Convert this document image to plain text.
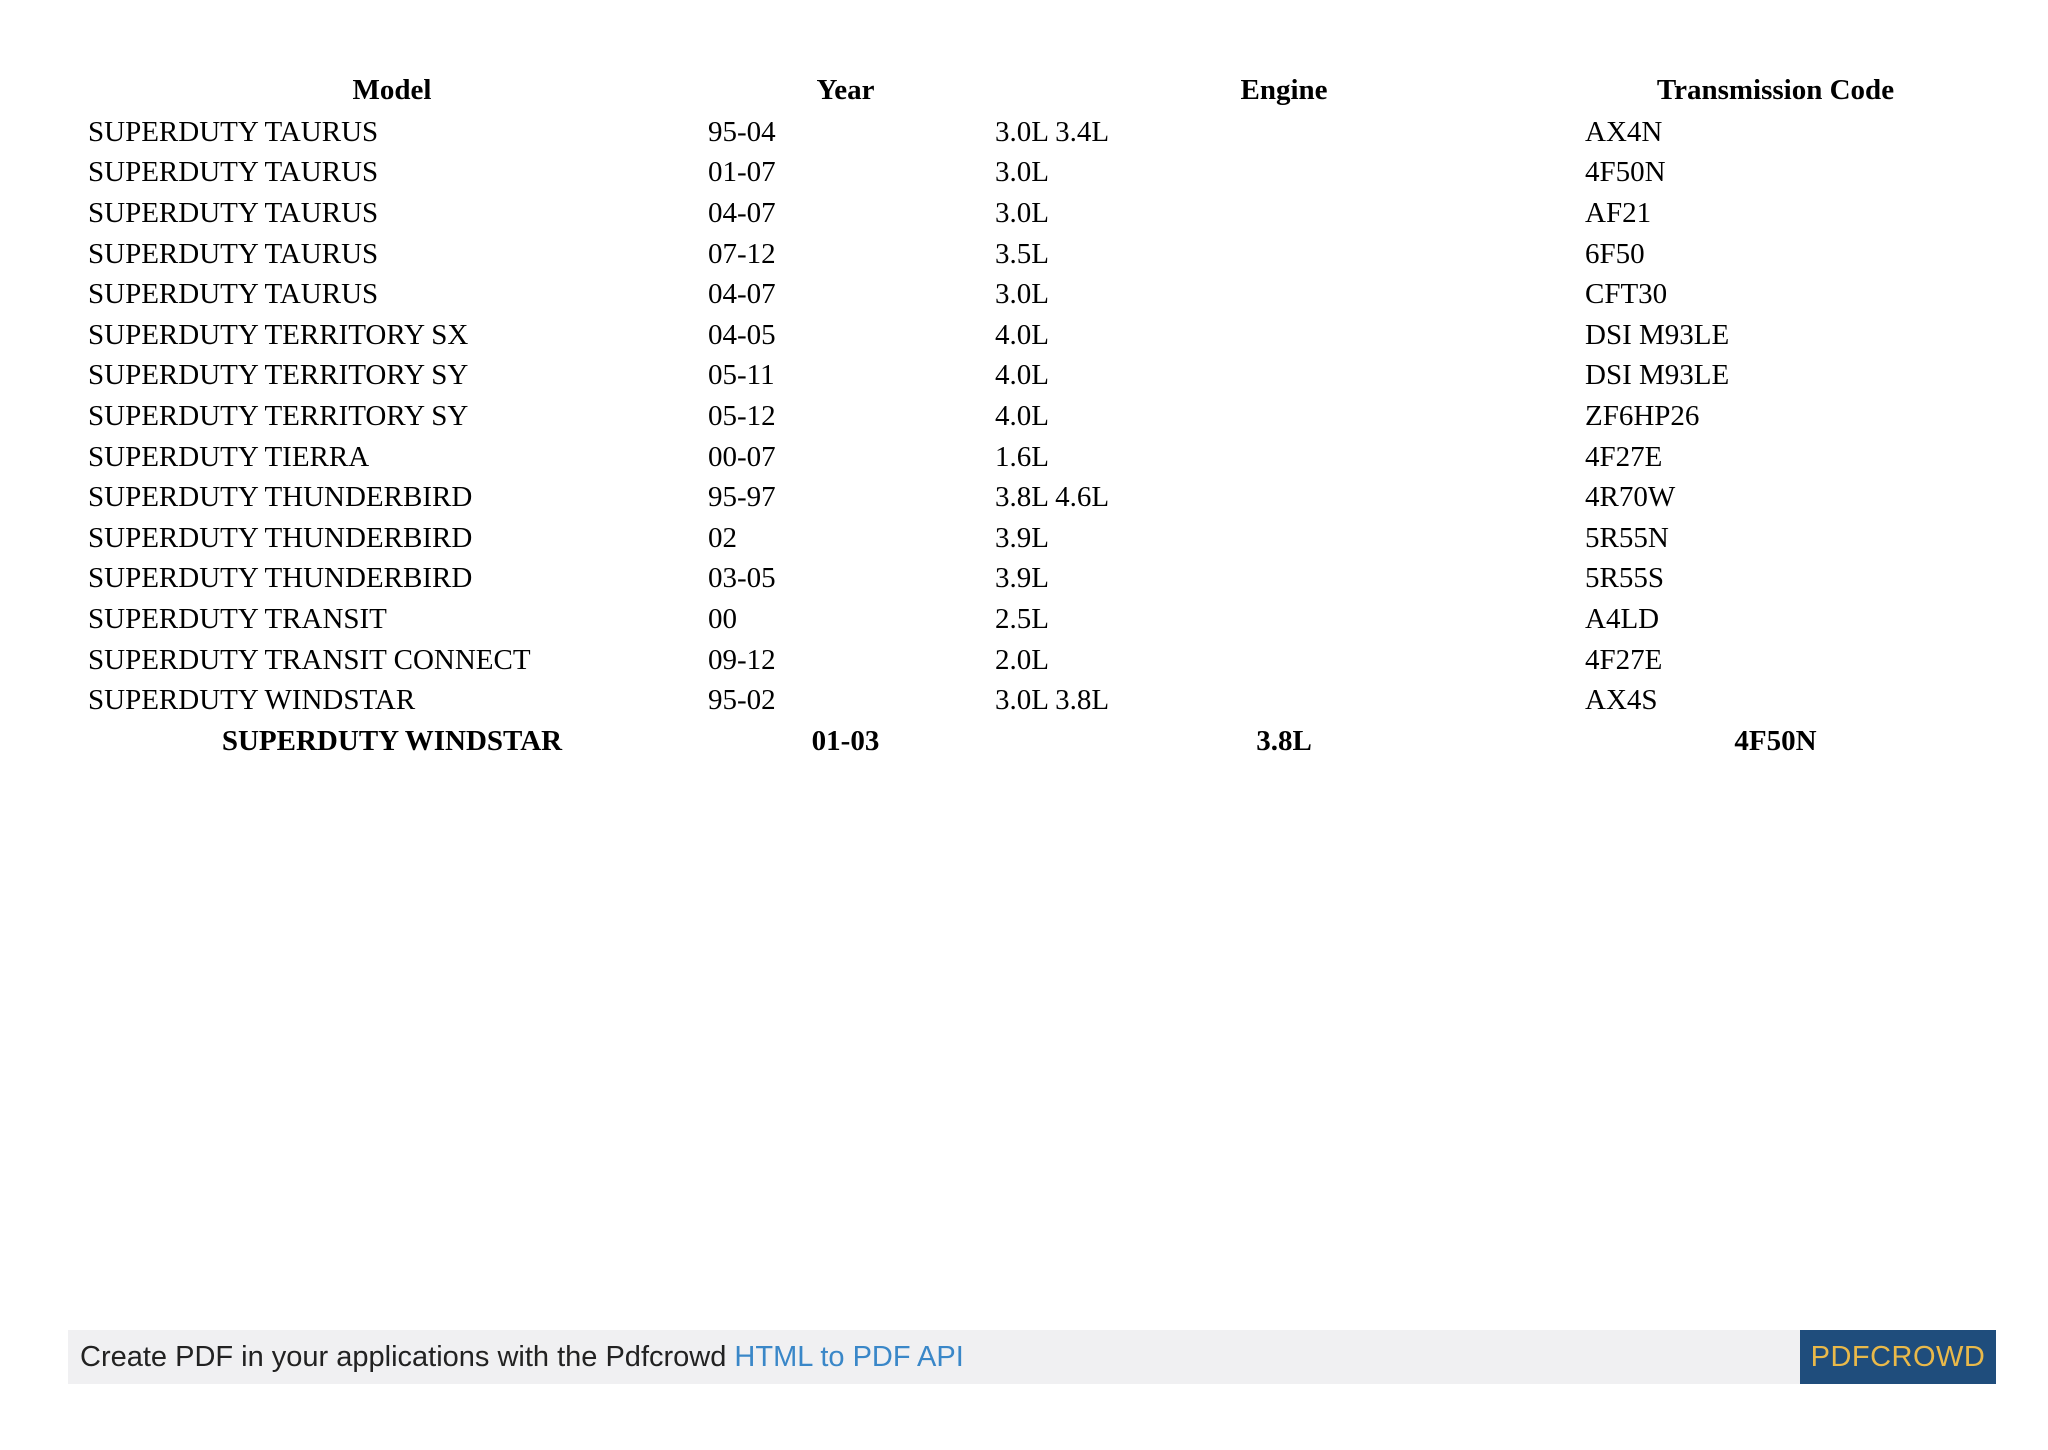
Model	Year	Engine	Transmission Code
SUPERDUTY TAURUS	95-04	3.0L 3.4L	AX4N
SUPERDUTY TAURUS	01-07	3.0L	4F50N
SUPERDUTY TAURUS	04-07	3.0L	AF21
SUPERDUTY TAURUS	07-12	3.5L	6F50
SUPERDUTY TAURUS	04-07	3.0L	CFT30
SUPERDUTY TERRITORY SX	04-05	4.0L	DSI M93LE
SUPERDUTY TERRITORY SY	05-11	4.0L	DSI M93LE
SUPERDUTY TERRITORY SY	05-12	4.0L	ZF6HP26
SUPERDUTY TIERRA	00-07	1.6L	4F27E
SUPERDUTY THUNDERBIRD	95-97	3.8L 4.6L	4R70W
SUPERDUTY THUNDERBIRD	02	3.9L	5R55N
SUPERDUTY THUNDERBIRD	03-05	3.9L	5R55S
SUPERDUTY TRANSIT	00	2.5L	A4LD
SUPERDUTY TRANSIT CONNECT	09-12	2.0L	4F27E
SUPERDUTY WINDSTAR	95-02	3.0L 3.8L	AX4S
SUPERDUTY WINDSTAR	01-03	3.8L	4F50N
Create PDF in your applications with the Pdfcrowd HTML to PDF API	PDFCROWD
